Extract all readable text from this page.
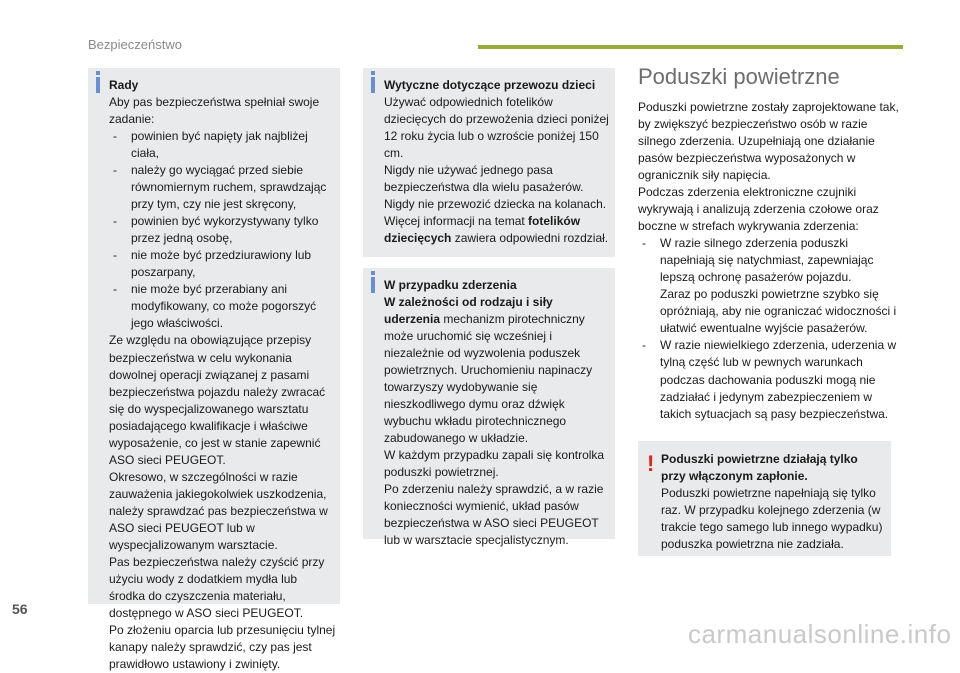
Bezpieczeństwo

Rady

Aby pas bezpieczeństwa spełniał swoje zadanie:

- powinien być napięty jak najbliżej ciała,
- należy go wyciągać przed siebie równomiernym ruchem, sprawdzając przy tym, czy nie jest skręcony,
- powinien być wykorzystywany tylko przez jedną osobę,
- nie może być przedziurawiony lub poszarpany,
- nie może być przerabiany ani modyfikowany, co może pogorszyć jego właściwości.

Ze względu na obowiązujące przepisy bezpieczeństwa w celu wykonania dowolnej operacji związanej z pasami bezpieczeństwa pojazdu należy zwracać się do wyspecjalizowanego warsztatu posiadającego kwalifikacje i właściwe wyposażenie, co jest w stanie zapewnić ASO sieci PEUGEOT.

Okresowo, w szczególności w razie zauważenia jakiegokolwiek uszkodzenia, należy sprawdzać pas bezpieczeństwa w ASO sieci PEUGEOT lub w wyspecjalizowanym warsztacie.

Pas bezpieczeństwa należy czyścić przy użyciu wody z dodatkiem mydła lub środka do czyszczenia materiału, dostępnego w ASO sieci PEUGEOT.

Po złożeniu oparcia lub przesunięciu tylnej kanapy należy sprawdzić, czy pas jest prawidłowo ustawiony i zwinięty.

Wytyczne dotyczące przewozu dzieci

Używać odpowiednich fotelików dziecięcych do przewożenia dzieci poniżej 12 roku życia lub o wzroście poniżej 150 cm.

Nigdy nie używać jednego pasa bezpieczeństwa dla wielu pasażerów.

Nigdy nie przewozić dziecka na kolanach.

Więcej informacji na temat fotelików dziecięcych zawiera odpowiedni rozdział.

W przypadku zderzenia

W zależności od rodzaju i siły uderzenia mechanizm pirotechniczny może uruchomić się wcześniej i niezależnie od wyzwolenia poduszek powietrznych. Uruchomieniu napinaczy towarzyszy wydobywanie się nieszkodliwego dymu oraz dźwięk wybuchu wkładu pirotechnicznego zabudowanego w układzie.

W każdym przypadku zapali się kontrolka poduszki powietrznej.

Po zderzeniu należy sprawdzić, a w razie konieczności wymienić, układ pasów bezpieczeństwa w ASO sieci PEUGEOT lub w warsztacie specjalistycznym.

Poduszki powietrzne

Poduszki powietrzne zostały zaprojektowane tak, by zwiększyć bezpieczeństwo osób w razie silnego zderzenia. Uzupełniają one działanie pasów bezpieczeństwa wyposażonych w ogranicznik siły napięcia.

Podczas zderzenia elektroniczne czujniki wykrywają i analizują zderzenia czołowe oraz boczne w strefach wykrywania zderzenia:

- W razie silnego zderzenia poduszki napełniają się natychmiast, zapewniając lepszą ochronę pasażerów pojazdu.
Zaraz po poduszki powietrzne szybko się opróżniają, aby nie ograniczać widoczności i ułatwić ewentualne wyjście pasażerów.
- W razie niewielkiego zderzenia, uderzenia w tylną część lub w pewnych warunkach podczas dachowania poduszki mogą nie zadziałać i jedynym zabezpieczeniem w takich sytuacjach są pasy bezpieczeństwa.
! Poduszki powietrzne działają tylko przy włączonym zapłonie.

Poduszki powietrzne napełniają się tylko raz. W przypadku kolejnego zderzenia (w trakcie tego samego lub innego wypadku) poduszka powietrzna nie zadziała.

56
carmanualsonline.info
